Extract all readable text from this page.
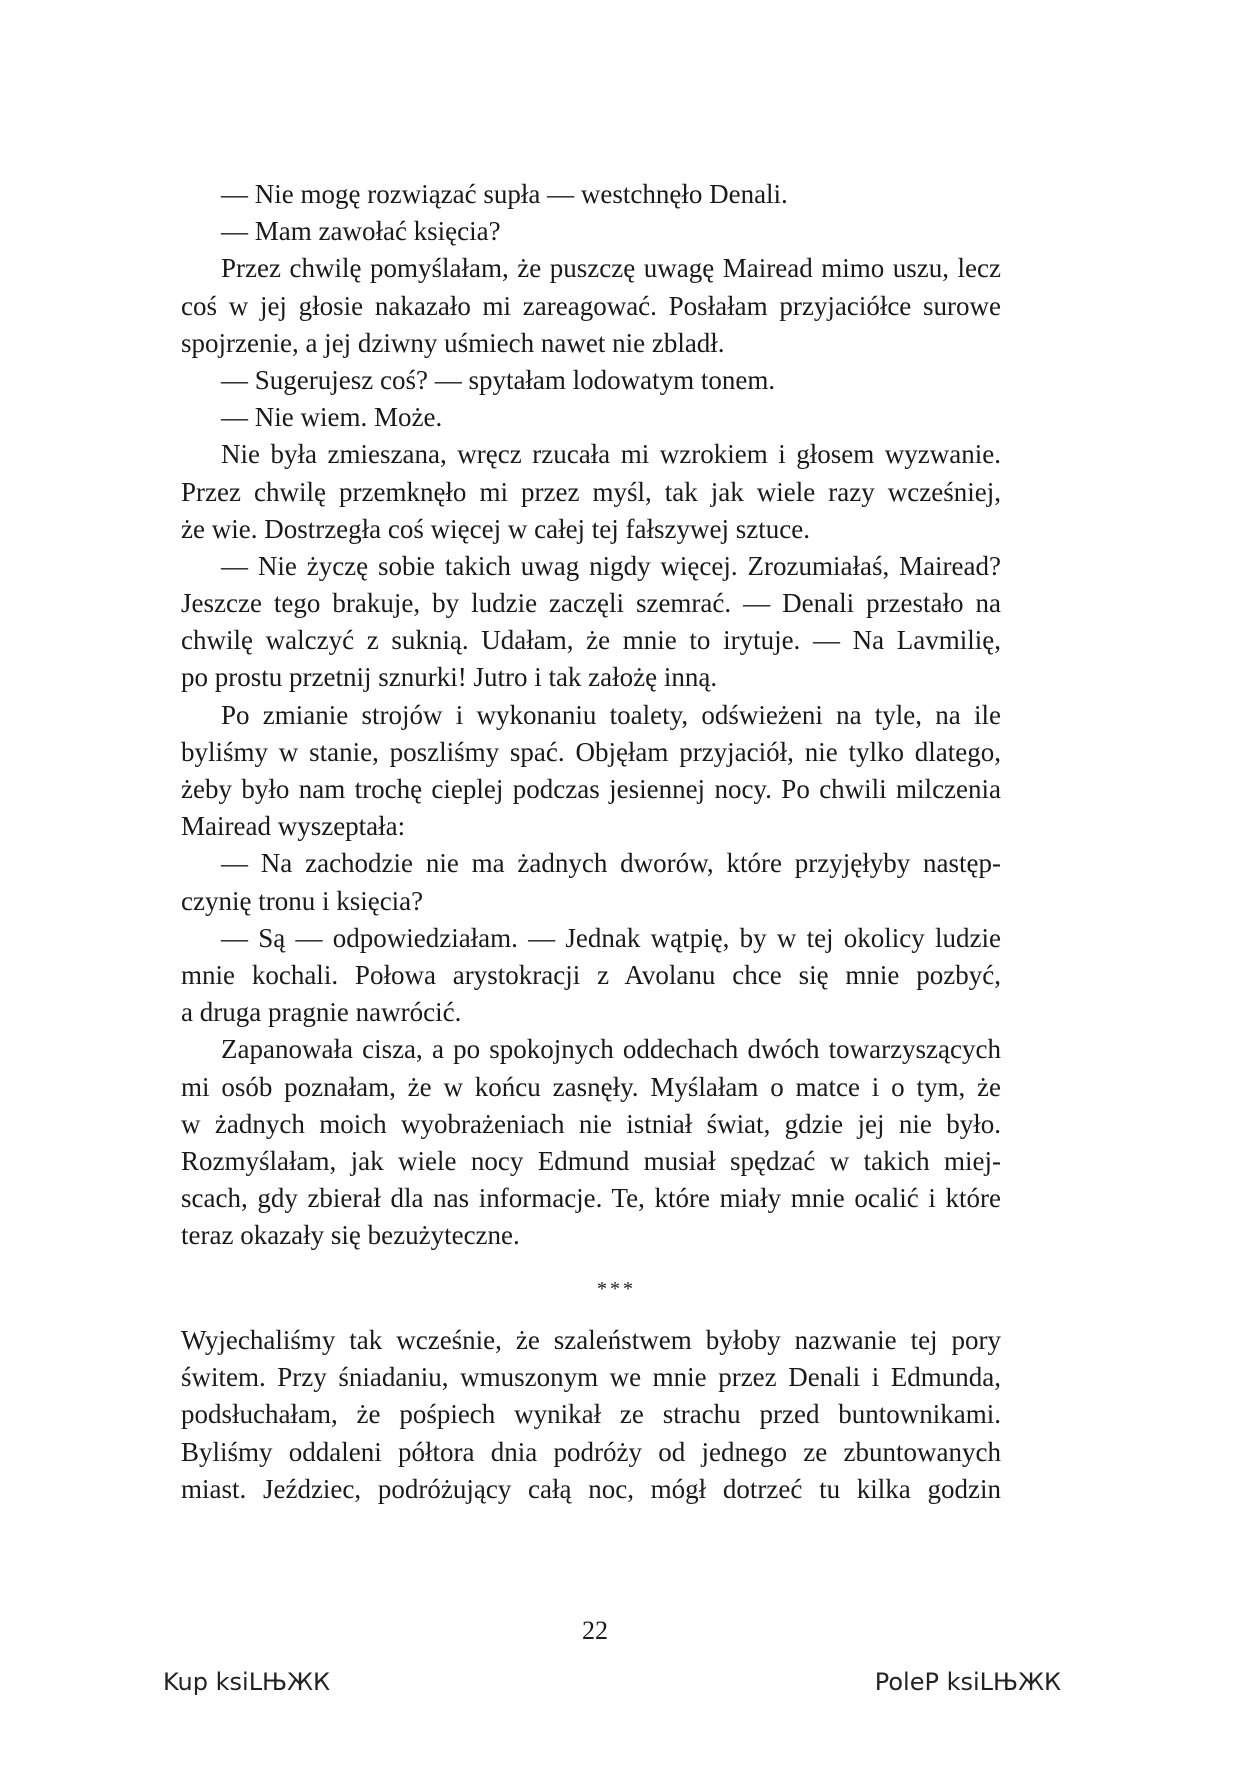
— Nie mogę rozwiązać supła — westchnęło Denali.
— Mam zawołać księcia?
Przez chwilę pomyślałam, że puszczę uwagę Mairead mimo uszu, lecz
coś w jej głosie nakazało mi zareagować. Posłałam przyjaciółce surowe
spojrzenie, a jej dziwny uśmiech nawet nie zbladł.
— Sugerujesz coś? — spytałam lodowatym tonem.
— Nie wiem. Może.
Nie była zmieszana, wręcz rzucała mi wzrokiem i głosem wyzwanie.
Przez chwilę przemknęło mi przez myśl, tak jak wiele razy wcześniej,
że wie. Dostrzegła coś więcej w całej tej fałszywej sztuce.
— Nie życzę sobie takich uwag nigdy więcej. Zrozumiałaś, Mairead?
Jeszcze tego brakuje, by ludzie zaczęli szemrać. — Denali przestało na
chwilę walczyć z suknią. Udałam, że mnie to irytuje. — Na Lavmilię,
po prostu przetnij sznurki! Jutro i tak założę inną.
Po zmianie strojów i wykonaniu toalety, odświeżeni na tyle, na ile
byliśmy w stanie, poszliśmy spać. Objęłam przyjaciół, nie tylko dlatego,
żeby było nam trochę cieplej podczas jesiennej nocy. Po chwili milczenia
Mairead wyszeptała:
— Na zachodzie nie ma żadnych dworów, które przyjęłyby następ-
czynię tronu i księcia?
— Są — odpowiedziałam. — Jednak wątpię, by w tej okolicy ludzie
mnie kochali. Połowa arystokracji z Avolanu chce się mnie pozbyć,
a druga pragnie nawrócić.
Zapanowała cisza, a po spokojnych oddechach dwóch towarzyszących
mi osób poznałam, że w końcu zasnęły. Myślałam o matce i o tym, że
w żadnych moich wyobrażeniach nie istniał świat, gdzie jej nie było.
Rozmyślałam, jak wiele nocy Edmund musiał spędzać w takich miej-
scach, gdy zbierał dla nas informacje. Te, które miały mnie ocalić i które
teraz okazały się bezużyteczne.
***
Wyjechaliśmy tak wcześnie, że szaleństwem byłoby nazwanie tej pory
świtem. Przy śniadaniu, wmuszonym we mnie przez Denali i Edmunda,
podsłuchałam, że pośpiech wynikał ze strachu przed buntownikami.
Byliśmy oddaleni półtora dnia podróży od jednego ze zbuntowanych
miast. Jeździec, podróżujący całą noc, mógł dotrzeć tu kilka godzin
22
Kup ksiLЊЖК	PoleP ksiLЊЖК
